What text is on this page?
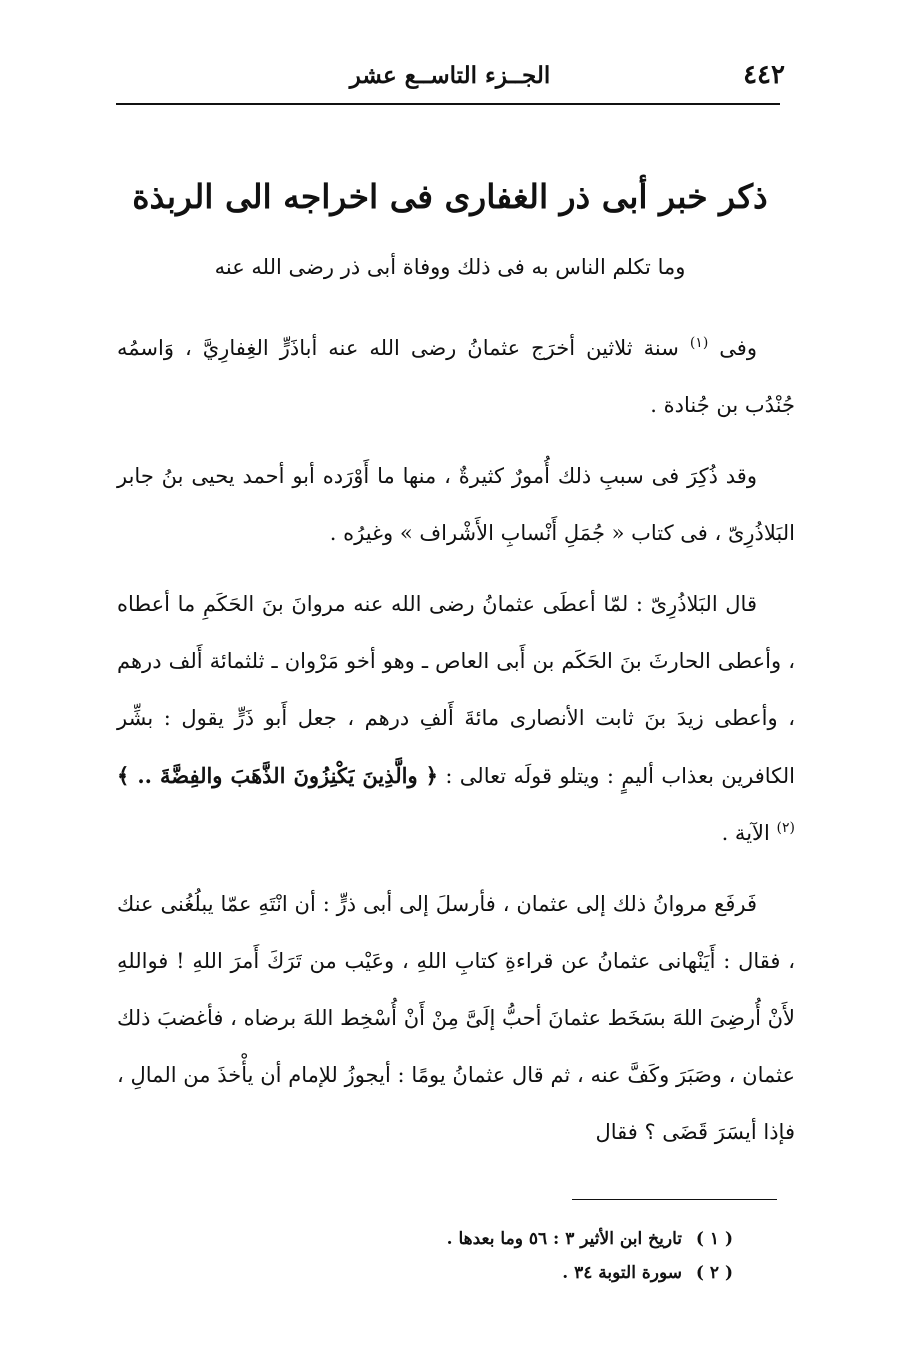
٤٤٢
الجــزء التاســع عشر
ذكر خبر أبى ذر الغفارى فى اخراجه الى الربذة
وما تكلم الناس به فى ذلك ووفاة أبى ذر رضى الله عنه

وفى $^{(١)}$ سنة ثلاثين أخرَج عثمانُ رضى الله عنه أباذَرٍّ الغِفارِيَّ ، وَاسمُه جُنْدُب بن جُنادة .

وقد ذُكِرَ فى سببِ ذلك أُمورٌ كثيرةٌ ، منها ما أَوْرَده أبو أحمد يحيى بنُ جابر البَلاذُرِىّ ، فى كتاب « جُمَلِ أَنْسابِ الأَشْراف » وغيرُه .

قال البَلاذُرِىّ : لمّا أعطَى عثمانُ رضى الله عنه مروانَ بنَ الحَكَمِ ما أعطاه ، وأعطى الحارثَ بنَ الحَكَم بن أَبى العاص ـ وهو أخو مَرْوان ـ ثلثمائة أَلف درهم ، وأعطى زيدَ بنَ ثابت الأنصارى مائةَ أَلفِ درهم ، جعل أَبو ذَرٍّ يقول : بشِّر الكافرين بعذاب أليمٍ : ويتلو قولَه تعالى : ﴿ والَّذِينَ يَكْنِزُونَ الذَّهَبَ والفِضَّةَ .. ﴾ $^{(٢)}$ الآية .

فَرفَع مروانُ ذلك إلى عثمان ، فأرسلَ إلى أبى ذرٍّ : أن انْتَهِ عمّا يبلُغُنى عنك ، فقال : أَيَنْهانى عثمانُ عن قراءةِ كتابِ اللهِ ، وعَيْب من تَرَكَ أَمرَ اللهِ ! فواللهِ لأَنْ أُرضِىَ اللهَ بسَخَط عثمانَ أحبُّ إلَىَّ مِنْ أَنْ أُسْخِط اللهَ برضاه ، فأغضبَ ذلك عثمان ، وصَبَرَ وكَفَّ عنه ، ثم قال عثمانُ يومًا : أيجوزُ للإمام أن يأْخذَ من المالِ ، فإذا أيسَرَ قَضَى ؟ فقال

( ١ ) تاريخ ابن الأثير ٣ : ٥٦ وما بعدها .
( ٢ ) سورة التوبة ٣٤ .
